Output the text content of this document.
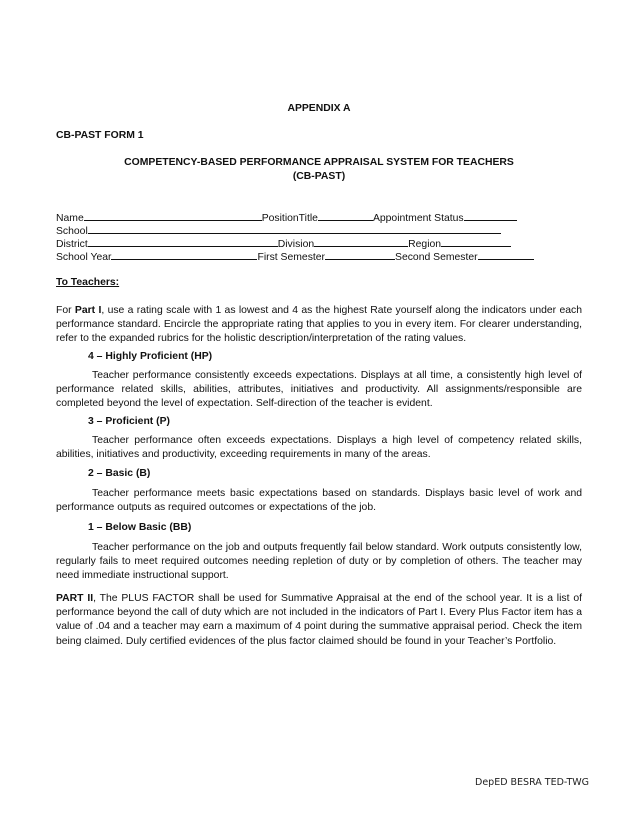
APPENDIX A
CB-PAST FORM 1
COMPETENCY-BASED PERFORMANCE APPRAISAL SYSTEM FOR TEACHERS
(CB-PAST)
Name	PositionTitle	Appointment Status
School
District	Division	Region
School Year	First Semester	Second Semester
To Teachers:
For Part I, use a rating scale with 1 as lowest and 4 as the highest Rate yourself along the indicators under each performance standard. Encircle the appropriate rating that applies to you in every item. For clearer understanding, refer to the expanded rubrics for the holistic description/interpretation of the rating values.
4 – Highly Proficient (HP)
Teacher performance consistently exceeds expectations. Displays at all time, a consistently high level of performance related skills, abilities, attributes, initiatives and productivity. All assignments/responsible are completed beyond the level of expectation. Self-direction of the teacher is evident.
3 – Proficient (P)
Teacher performance often exceeds expectations. Displays a high level of competency related skills, abilities, initiatives and productivity, exceeding requirements in many of the areas.
2 – Basic (B)
Teacher performance meets basic expectations based on standards. Displays basic level of work and performance outputs as required outcomes or expectations of the job.
1 – Below Basic (BB)
Teacher performance on the job and outputs frequently fail below standard. Work outputs consistently low, regularly fails to meet required outcomes needing repletion of duty or by completion of others. The teacher may need immediate instructional support.
PART II, The PLUS FACTOR shall be used for Summative Appraisal at the end of the school year. It is a list of performance beyond the call of duty which are not included in the indicators of Part I. Every Plus Factor item has a value of .04 and a teacher may earn a maximum of 4 point during the summative appraisal period. Check the item being claimed. Duly certified evidences of the plus factor claimed should be found in your Teacher’s Portfolio.
DepED BESRA TED-TWG
